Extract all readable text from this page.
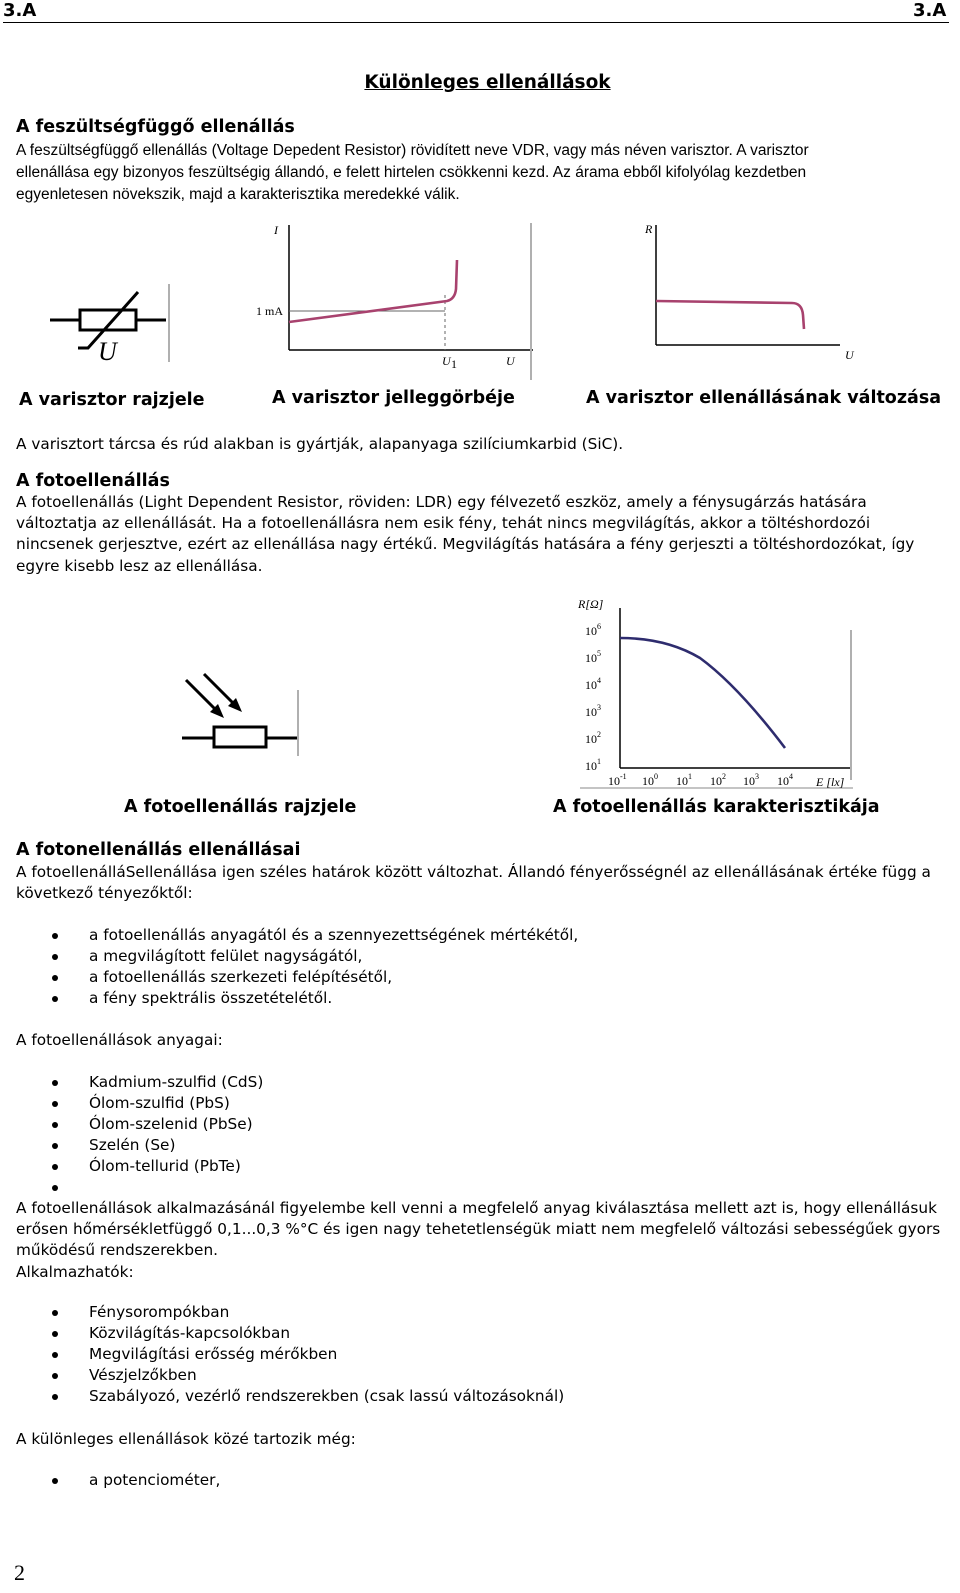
3.A	3.A
Különleges ellenállások
A feszültségfüggő ellenállás
A feszültségfüggő ellenállás (Voltage Depedent Resistor) rövidített neve VDR, vagy más néven varisztor. A varisztor
ellenállása egy bizonyos feszültségig állandó, e felett hirtelen csökkenni kezd. Az árama ebből kifolyólag kezdetben
egyenletesen növekszik, majd a karakterisztika meredekké válik.
U
I
1 mA
U 1	U
R
U
A varisztor rajzjele	A varisztor jelleggörbéje	A varisztor ellenállásának változása
A varisztort tárcsa és rúd alakban is gyártják, alapanyaga szilíciumkarbid (SiC).
A fotoellenállás
A fotoellenállás (Light Dependent Resistor, röviden: LDR) egy félvezető eszköz, amely a fénysugárzás hatására
változtatja az ellenállását. Ha a fotoellenállásra nem esik fény, tehát nincs megvilágítás, akkor a töltéshordozói
nincsenek gerjesztve, ezért az ellenállása nagy értékű. Megvilágítás hatására a fény gerjeszti a töltéshordozókat, így
egyre kisebb lesz az ellenállása.
R[Ω]
$10^6$
$10^5$
$10^4$
$10^3$
$10^2$
$10^1$
$10^{-1}$ $10^0$ $10^1$ $10^2$ $10^3$ $10^4$ E [lx]
A fotoellenállás rajzjele	A fotoellenállás karakterisztikája
A fotonellenállás ellenállásai
A fotoellenálláSellenállása igen széles határok között változhat. Állandó fényerősségnél az ellenállásának értéke függ a
következő tényezőktől:
a fotoellenállás anyagától és a szennyezettségének mértékétől,
a megvilágított felület nagyságától,
a fotoellenállás szerkezeti felépítésétől,
a fény spektrális összetételétől.
A fotoellenállások anyagai:
Kadmium-szulfid (CdS)
Ólom-szulfid (PbS)
Ólom-szelenid (PbSe)
Szelén (Se)
Ólom-tellurid (PbTe)
A fotoellenállások alkalmazásánál figyelembe kell venni a megfelelő anyag kiválasztása mellett azt is, hogy ellenállásuk
erősen hőmérsékletfüggő 0,1...0,3 %°C és igen nagy tehetetlenségük miatt nem megfelelő változási sebességűek gyors
működésű rendszerekben.
Alkalmazhatók:
Fénysorompókban
Közvilágítás-kapcsolókban
Megvilágítási erősség mérőkben
Vészjelzőkben
Szabályozó, vezérlő rendszerekben (csak lassú változásoknál)
A különleges ellenállások közé tartozik még:
a potenciométer,
2
